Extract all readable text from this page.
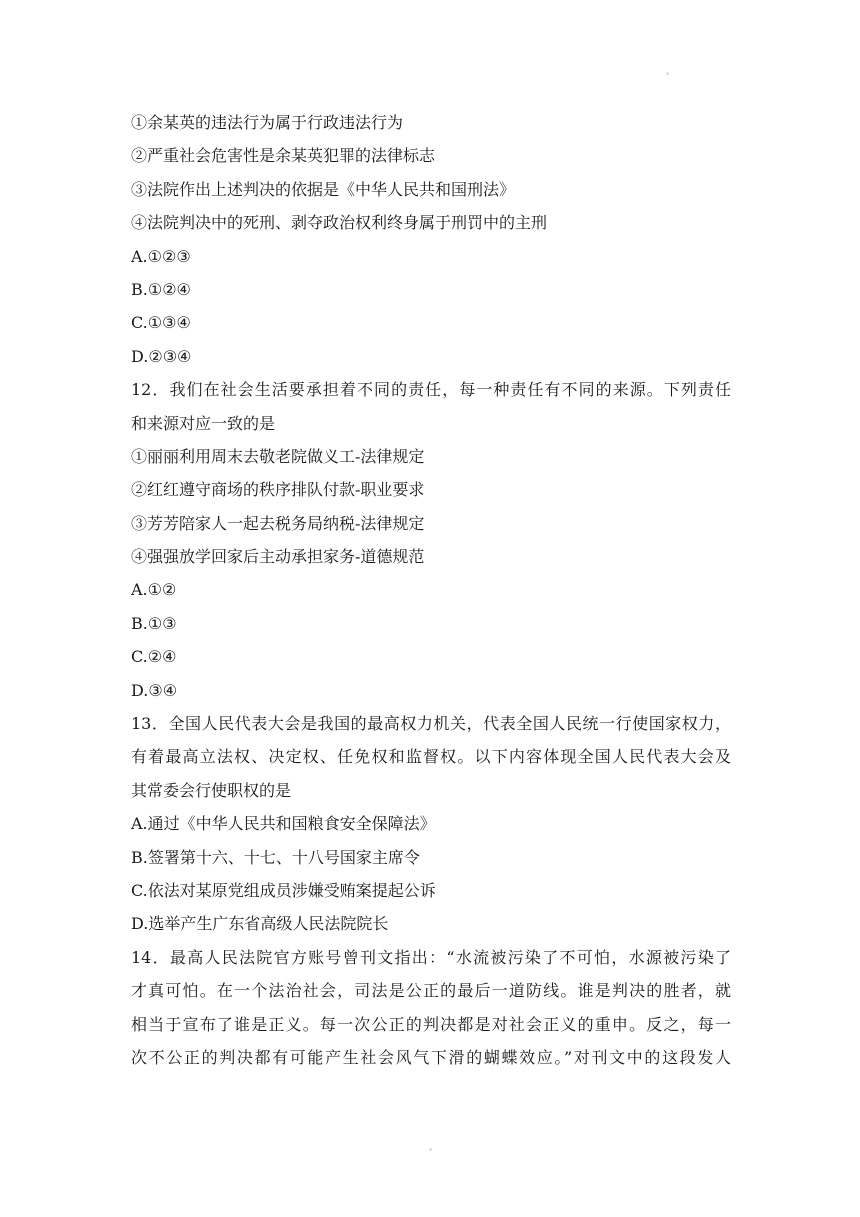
①余某英的违法行为属于行政违法行为
②严重社会危害性是余某英犯罪的法律标志
③法院作出上述判决的依据是《中华人民共和国刑法》
④法院判决中的死刑、剥夺政治权利终身属于刑罚中的主刑
A.①②③
B.①②④
C.①③④
D.②③④
12．我们在社会生活要承担着不同的责任，每一种责任有不同的来源。下列责任
和来源对应一致的是
①丽丽利用周末去敬老院做义工-法律规定
②红红遵守商场的秩序排队付款-职业要求
③芳芳陪家人一起去税务局纳税-法律规定
④强强放学回家后主动承担家务-道德规范
A.①②
B.①③
C.②④
D.③④
13．全国人民代表大会是我国的最高权力机关，代表全国人民统一行使国家权力，
有着最高立法权、决定权、任免权和监督权。以下内容体现全国人民代表大会及
其常委会行使职权的是
A.通过《中华人民共和国粮食安全保障法》
B.签署第十六、十七、十八号国家主席令
C.依法对某原党组成员涉嫌受贿案提起公诉
D.选举产生广东省高级人民法院院长
14．最高人民法院官方账号曾刊文指出：“水流被污染了不可怕，水源被污染了
才真可怕。在一个法治社会，司法是公正的最后一道防线。谁是判决的胜者，就
相当于宣布了谁是正义。每一次公正的判决都是对社会正义的重申。反之，每一
次不公正的判决都有可能产生社会风气下滑的蝴蝶效应。”对刊文中的这段发人
